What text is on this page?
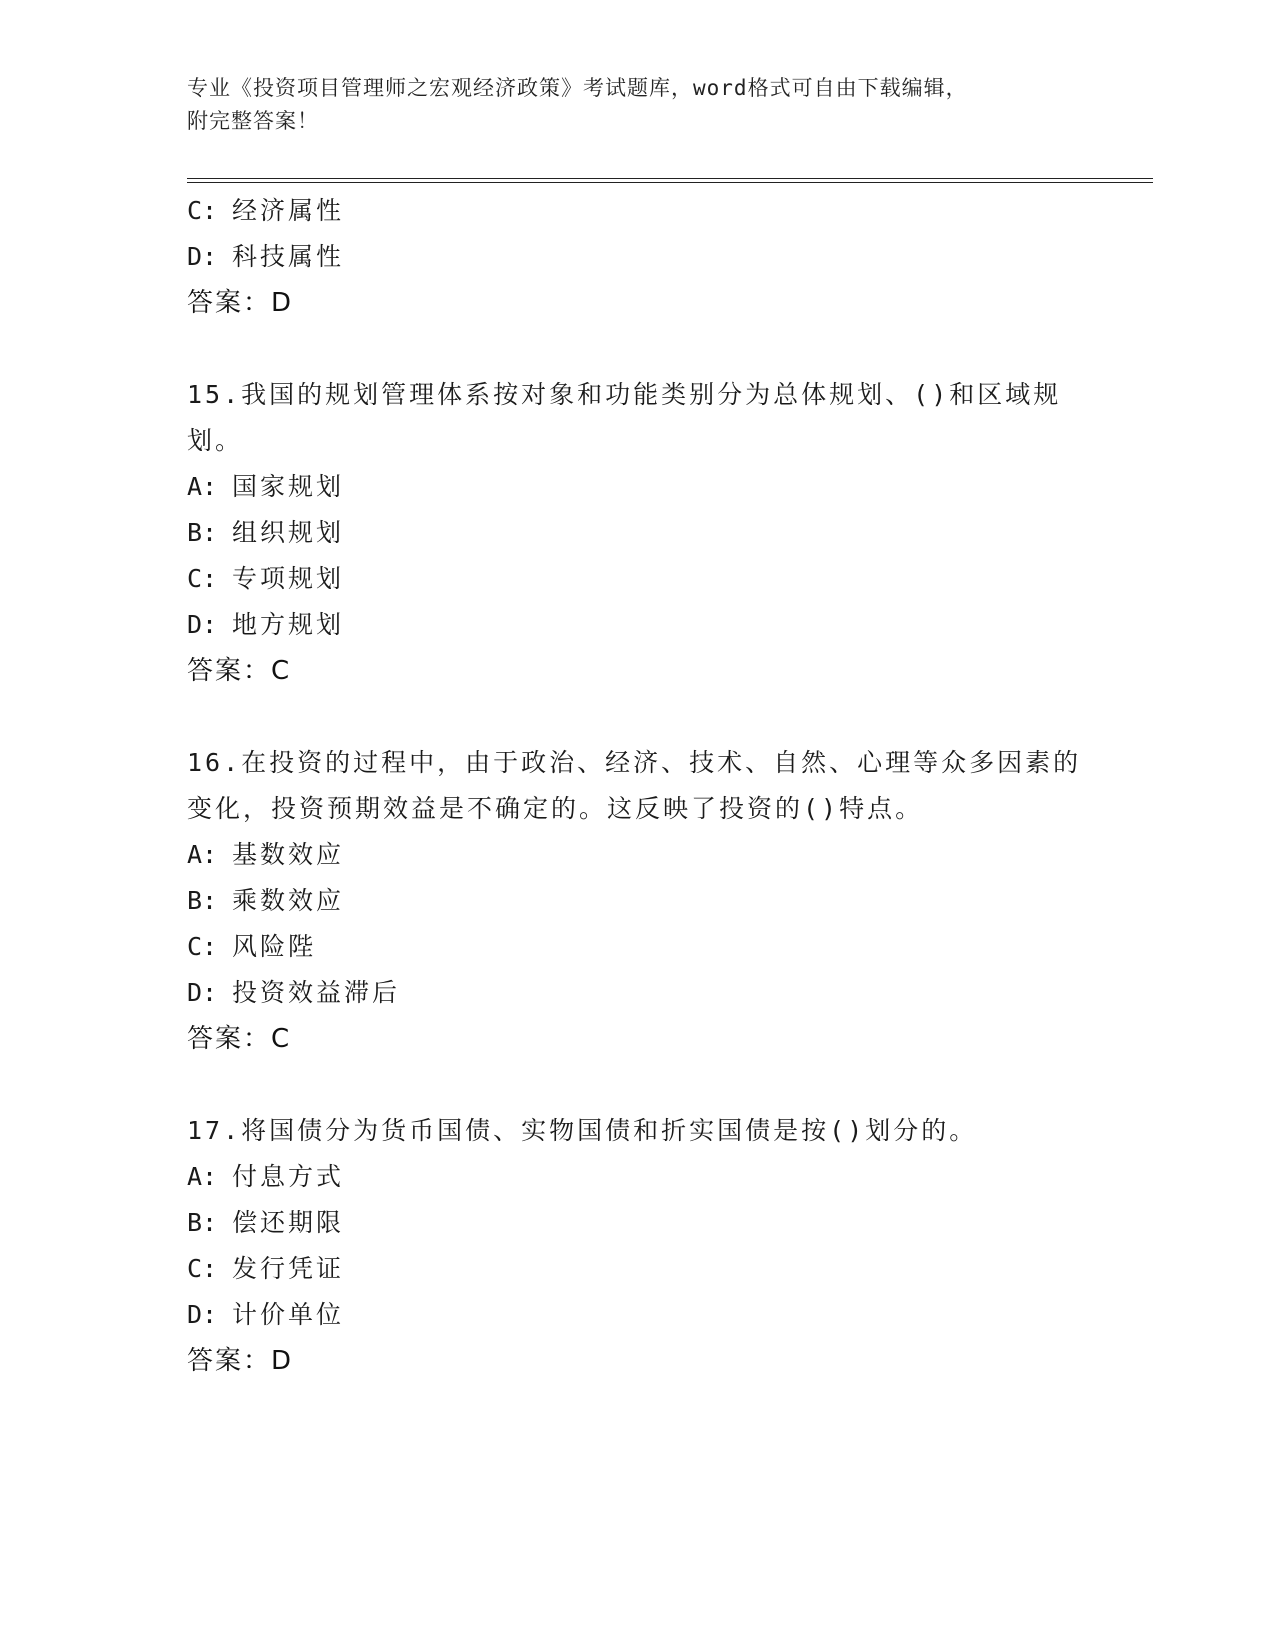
专业《投资项目管理师之宏观经济政策》考试题库，word格式可自由下载编辑，
附完整答案！
C: 经济属性
D: 科技属性
答案：D
15.我国的规划管理体系按对象和功能类别分为总体规划、()和区域规划。
A: 国家规划
B: 组织规划
C: 专项规划
D: 地方规划
答案：C
16.在投资的过程中，由于政治、经济、技术、自然、心理等众多因素的变化，投资预期效益是不确定的。这反映了投资的()特点。
A: 基数效应
B: 乘数效应
C: 风险陛
D: 投资效益滞后
答案：C
17.将国债分为货币国债、实物国债和折实国债是按()划分的。
A: 付息方式
B: 偿还期限
C: 发行凭证
D: 计价单位
答案：D
